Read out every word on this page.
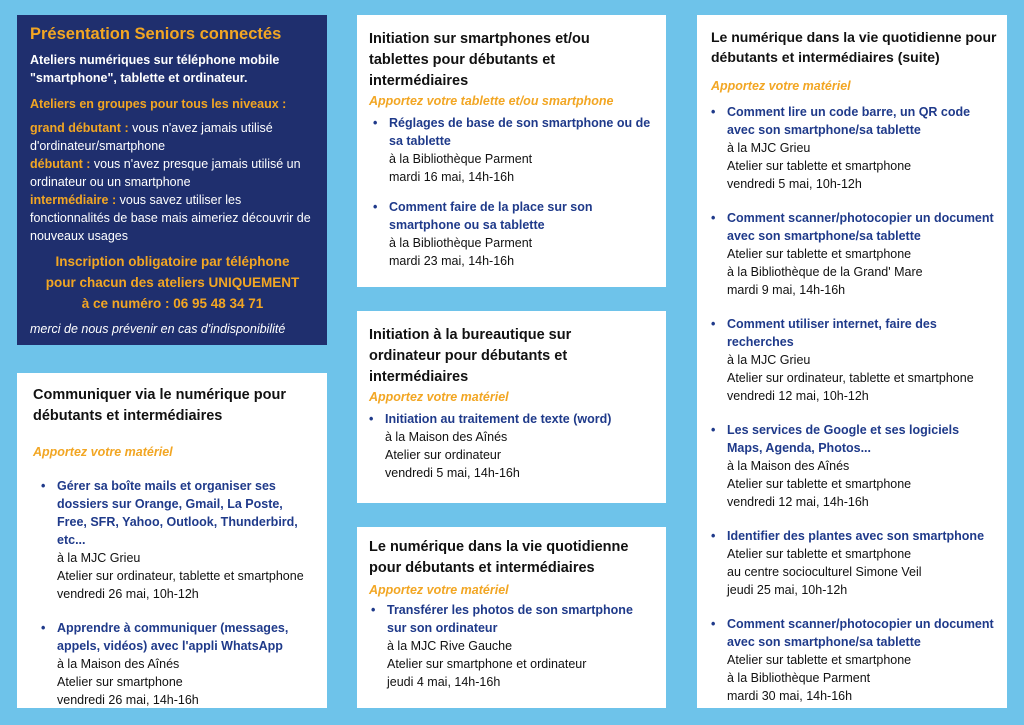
Présentation Seniors connectés
Ateliers numériques sur téléphone mobile "smartphone", tablette et ordinateur.
Ateliers en groupes pour tous les niveaux :
grand débutant : vous n'avez jamais utilisé d'ordinateur/smartphone
débutant : vous n'avez presque jamais utilisé un ordinateur ou un smartphone
intermédiaire : vous savez utiliser les fonctionnalités de base mais aimeriez découvrir de nouveaux usages
Inscription obligatoire par téléphone
pour chacun des ateliers UNIQUEMENT
à ce numéro : 06 95 48 34 71
merci de nous prévenir en cas d'indisponibilité
Communiquer via le numérique pour débutants et intermédiaires
Apportez votre matériel
• Gérer sa boîte mails et organiser ses dossiers sur Orange, Gmail, La Poste, Free, SFR, Yahoo, Outlook, Thunderbird, etc...
à la MJC Grieu
Atelier sur ordinateur, tablette et smartphone
vendredi 26 mai, 10h-12h
• Apprendre à communiquer (messages, appels, vidéos) avec l'appli WhatsApp
à la Maison des Aînés
Atelier sur smartphone
vendredi 26 mai, 14h-16h
Initiation sur smartphones et/ou tablettes pour débutants et intermédiaires
Apportez votre tablette et/ou smartphone
• Réglages de base de son smartphone ou de sa tablette
à la Bibliothèque Parment
mardi 16 mai, 14h-16h
• Comment faire de la place sur son smartphone ou sa tablette
à la Bibliothèque Parment
mardi 23 mai, 14h-16h
Initiation à la bureautique sur ordinateur pour débutants et intermédiaires
Apportez votre matériel
• Initiation au traitement de texte (word)
à la Maison des Aînés
Atelier sur ordinateur
vendredi 5 mai, 14h-16h
Le numérique dans la vie quotidienne pour débutants et intermédiaires
Apportez votre matériel
• Transférer les photos de son smartphone sur son ordinateur
à la MJC Rive Gauche
Atelier sur smartphone et ordinateur
jeudi 4 mai, 14h-16h
Le numérique dans la vie quotidienne pour débutants et intermédiaires (suite)
Apportez votre matériel
• Comment lire un code barre, un QR code avec son smartphone/sa tablette
à la MJC Grieu
Atelier sur tablette et smartphone
vendredi 5 mai, 10h-12h
• Comment scanner/photocopier un document avec son smartphone/sa tablette
Atelier sur tablette et smartphone
à la Bibliothèque de la Grand' Mare
mardi 9 mai, 14h-16h
• Comment utiliser internet, faire des recherches
à la MJC Grieu
Atelier sur ordinateur, tablette et smartphone
vendredi 12 mai, 10h-12h
• Les services de Google et ses logiciels Maps, Agenda, Photos...
à la Maison des Aînés
Atelier sur tablette et smartphone
vendredi 12 mai, 14h-16h
• Identifier des plantes avec son smartphone
Atelier sur tablette et smartphone
au centre socioculturel Simone Veil
jeudi 25 mai, 10h-12h
• Comment scanner/photocopier un document avec son smartphone/sa tablette
Atelier sur tablette et smartphone
à la Bibliothèque Parment
mardi 30 mai, 14h-16h
